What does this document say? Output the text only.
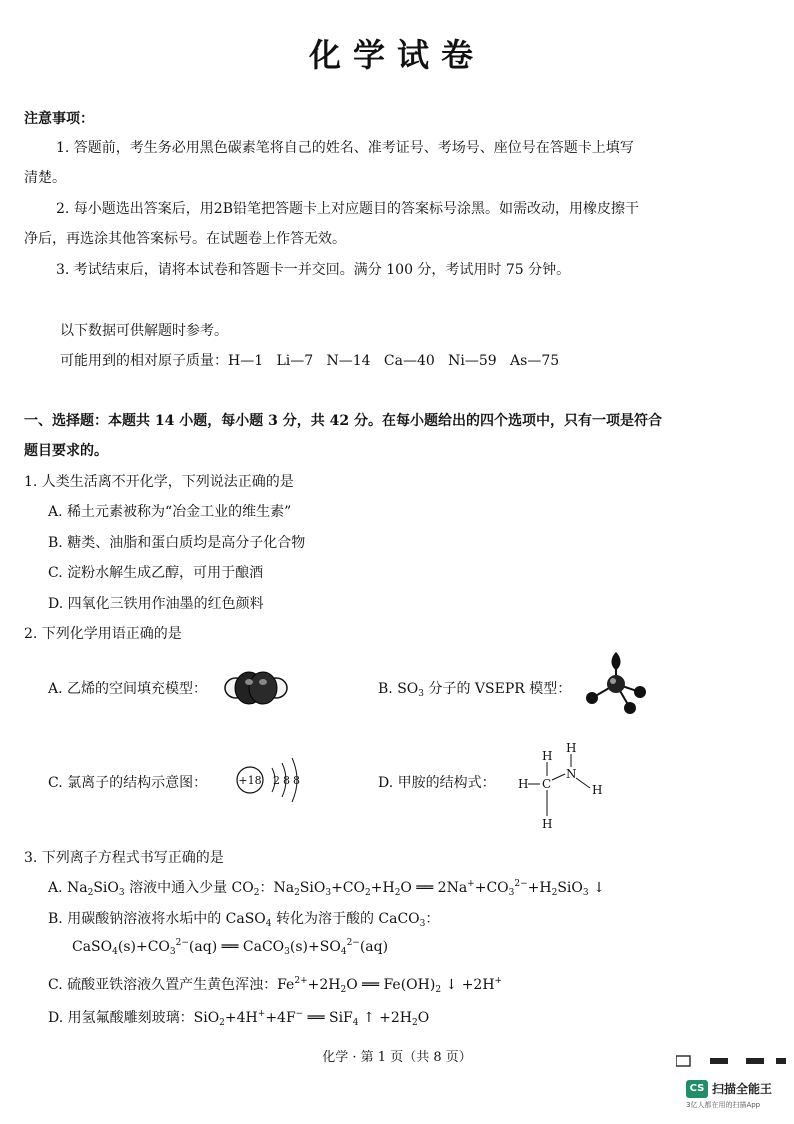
化学试卷
注意事项：
1. 答题前，考生务必用黑色碳素笔将自己的姓名、准考证号、考场号、座位号在答题卡上填写
清楚。
2. 每小题选出答案后，用2B铅笔把答题卡上对应题目的答案标号涂黑。如需改动，用橡皮擦干
净后，再选涂其他答案标号。在试题卷上作答无效。
3. 考试结束后，请将本试卷和答题卡一并交回。满分 100 分，考试用时 75 分钟。
以下数据可供解题时参考。
可能用到的相对原子质量：H—1   Li—7   N—14   Ca—40   Ni—59   As—75
一、选择题：本题共 14 小题，每小题 3 分，共 42 分。在每小题给出的四个选项中，只有一项是符合
题目要求的。
1. 人类生活离不开化学，下列说法正确的是
A. 稀土元素被称为“冶金工业的维生素”
B. 糖类、油脂和蛋白质均是高分子化合物
C. 淀粉水解生成乙醇，可用于酿酒
D. 四氧化三铁用作油墨的红色颜料
2. 下列化学用语正确的是
A. 乙烯的空间填充模型：	B. $SO_3$ 分子的 VSEPR 模型：
C. 氯离子的结构示意图：	+18 2 8 8	D. 甲胺的结构式： H C
H
H
N
H
H
3. 下列离子方程式书写正确的是
A. $Na_2SiO_3$ 溶液中通入少量 $CO_2$：$Na_2SiO_3+CO_2+H_2O$ ══ $2Na^++CO_3^{2-}+H_2SiO_3$ ↓
B. 用碳酸钠溶液将水垢中的 CaSO$_4$ 转化为溶于酸的 CaCO$_3$：
$CaSO_4(s)+CO_3^{2-}(aq)$ ══ $CaCO_3(s)+SO_4^{2-}(aq)$
C. 硫酸亚铁溶液久置产生黄色浑浊：$Fe^{2+}+2H_2O$ ══ $Fe(OH)_2$ ↓ +2H+
D. 用氢氟酸雕刻玻璃：SiO$_2$+4H++4F− ══ SiF$_4$ ↑ $+2H_2O$
化学 · 第 1 页（共 8 页）
CS 扫描全能王
3亿人都在用的扫描App
